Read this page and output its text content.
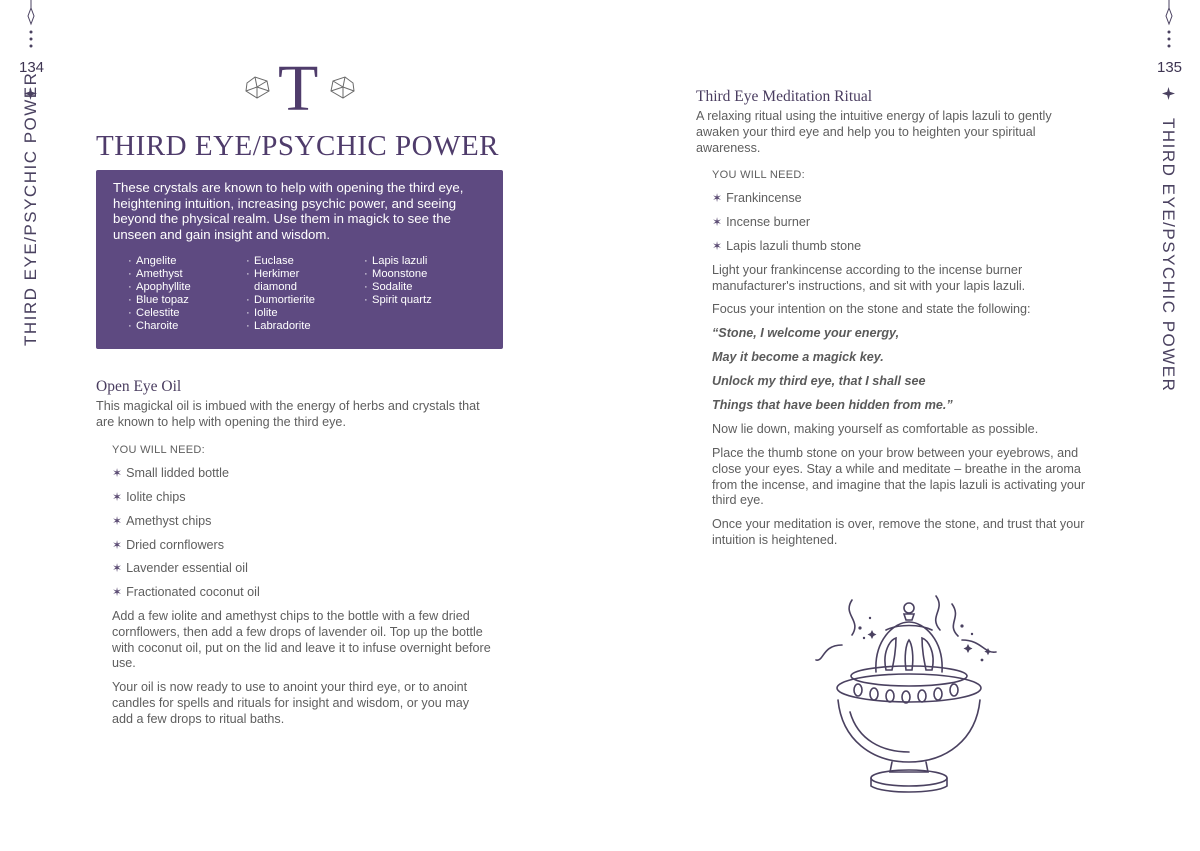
134
THIRD EYE/PSYCHIC POWER
135
THIRD EYE/PSYCHIC POWER
T
THIRD EYE/PSYCHIC POWER

These crystals are known to help with opening the third eye, heightening intuition, increasing psychic power, and seeing beyond the physical realm. Use them in magick to see the unseen and gain insight and wisdom.

· Angelite
· Amethyst
· Apophyllite
· Blue topaz
· Celestite
· Charoite
· Euclase
· Herkimer
diamond
· Dumortierite
· Iolite
· Labradorite
· Lapis lazuli
· Moonstone
· Sodalite
· Spirit quartz
Open Eye Oil
This magickal oil is imbued with the energy of herbs and crystals that are known to help with opening the third eye.
YOU WILL NEED:
✶ Small lidded bottle
✶ Iolite chips
✶ Amethyst chips
✶ Dried cornflowers
✶ Lavender essential oil
✶ Fractionated coconut oil
Add a few iolite and amethyst chips to the bottle with a few dried cornflowers, then add a few drops of lavender oil. Top up the bottle with coconut oil, put on the lid and leave it to infuse overnight before use.
Your oil is now ready to use to anoint your third eye, or to anoint candles for spells and rituals for insight and wisdom, or you may add a few drops to ritual baths.
Third Eye Meditation Ritual
A relaxing ritual using the intuitive energy of lapis lazuli to gently awaken your third eye and help you to heighten your spiritual awareness.
YOU WILL NEED:
✶ Frankincense
✶ Incense burner
✶ Lapis lazuli thumb stone
Light your frankincense according to the incense burner manufacturer's instructions, and sit with your lapis lazuli.
Focus your intention on the stone and state the following:
“Stone, I welcome your energy,
May it become a magick key.
Unlock my third eye, that I shall see
Things that have been hidden from me.”
Now lie down, making yourself as comfortable as possible.
Place the thumb stone on your brow between your eyebrows, and close your eyes. Stay a while and meditate – breathe in the aroma from the incense, and imagine that the lapis lazuli is activating your third eye.
Once your meditation is over, remove the stone, and trust that your intuition is heightened.
